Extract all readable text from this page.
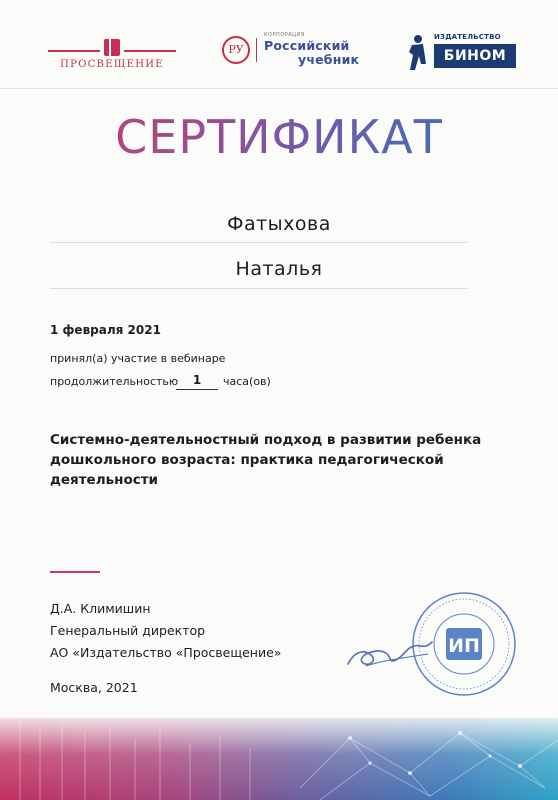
ПРОСВЕЩЕНИЕ
РУ
КОРПОРАЦИЯ
Российский
учебник
ИЗДАТЕЛЬСТВО
БИНОМ
СЕРТИФИКАТ
Фатыхова
Наталья
1 февраля 2021
принял(а) участие в вебинаре
продолжительностью	1	часа(ов)
Системно-деятельностный подход в развитии ребенка дошкольного возраста: практика педагогической деятельности
Д.А. Климишин
Генеральный директор
АО «Издательство «Просвещение»
Москва, 2021
ИП
